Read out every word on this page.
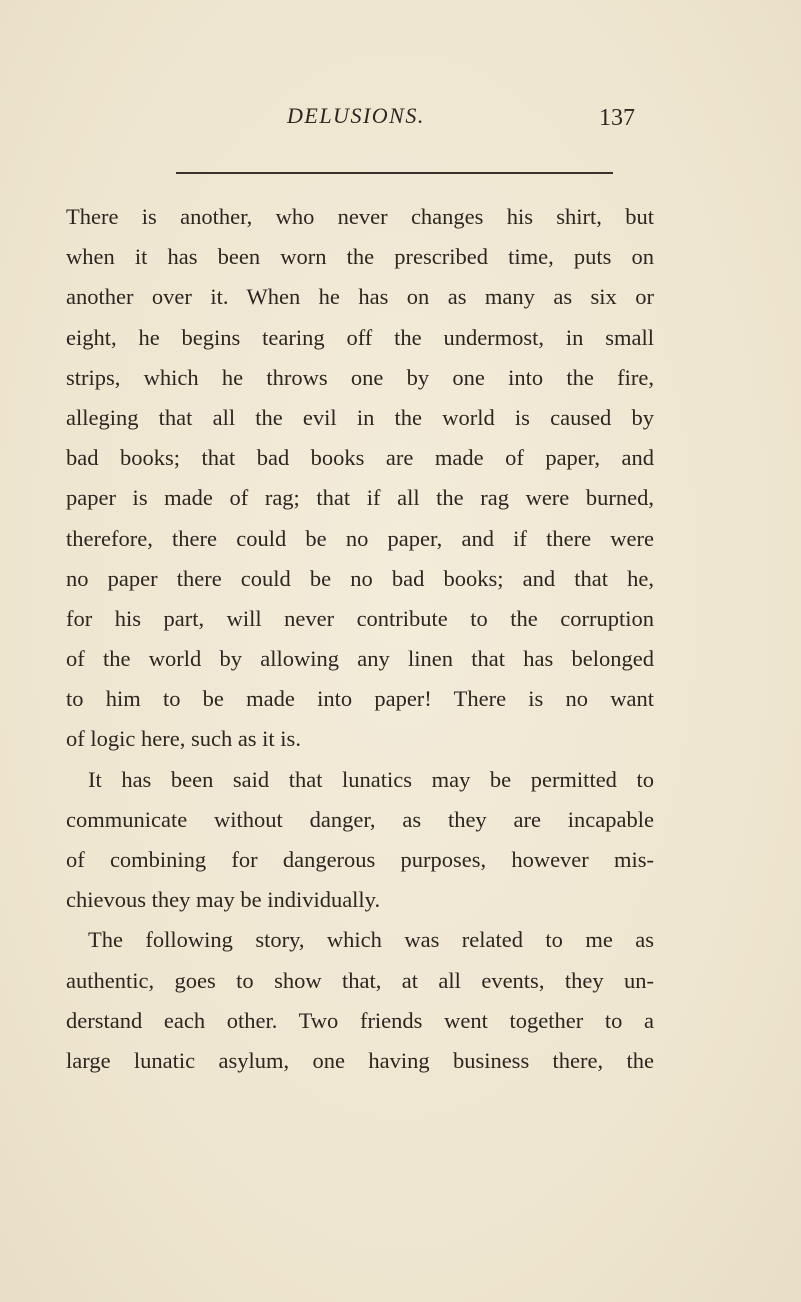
DELUSIONS.	137
There is another, who never changes his shirt, but
when it has been worn the prescribed time, puts on
another over it. When he has on as many as six or
eight, he begins tearing off the undermost, in small
strips, which he throws one by one into the fire,
alleging that all the evil in the world is caused by
bad books; that bad books are made of paper, and
paper is made of rag; that if all the rag were burned,
therefore, there could be no paper, and if there were
no paper there could be no bad books; and that he,
for his part, will never contribute to the corruption
of the world by allowing any linen that has belonged
to him to be made into paper! There is no want
of logic here, such as it is.
It has been said that lunatics may be permitted to
communicate without danger, as they are incapable
of combining for dangerous purposes, however mis-
chievous they may be individually.
The following story, which was related to me as
authentic, goes to show that, at all events, they un-
derstand each other. Two friends went together to a
large lunatic asylum, one having business there, the
